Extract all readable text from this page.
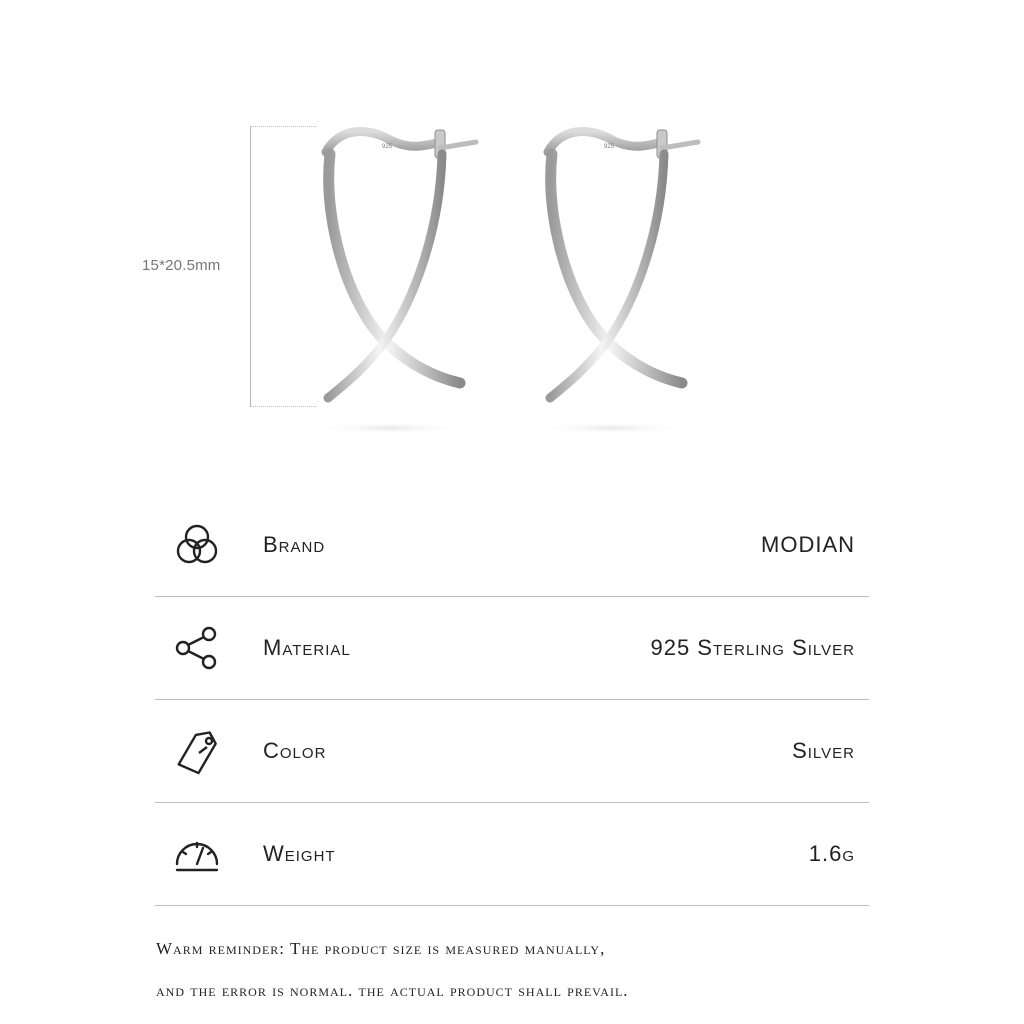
15*20.5mm
925	925
Brand	MODIAN
Material	925 Sterling Silver
Color	Silver
Weight	1.6g
Warm reminder: The product size is measured manually,
and the error is normal. the actual product shall prevail.
